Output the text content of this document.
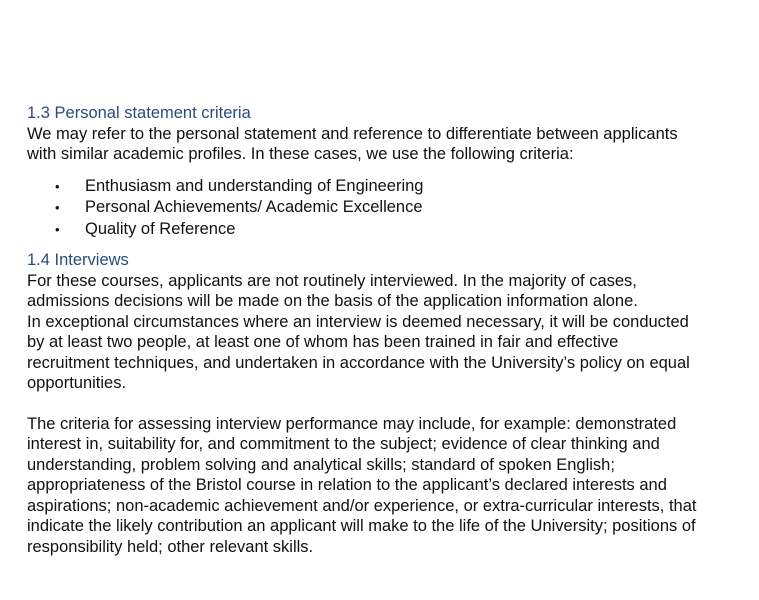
1.3 Personal statement criteria

We may refer to the personal statement and reference to differentiate between applicants
with similar academic profiles. In these cases, we use the following criteria:

•	Enthusiasm and understanding of Engineering
•	Personal Achievements/ Academic Excellence
•	Quality of Reference
1.4 Interviews

For these courses, applicants are not routinely interviewed. In the majority of cases,
admissions decisions will be made on the basis of the application information alone.
In exceptional circumstances where an interview is deemed necessary, it will be conducted
by at least two people, at least one of whom has been trained in fair and effective
recruitment techniques, and undertaken in accordance with the University’s policy on equal
opportunities.

The criteria for assessing interview performance may include, for example: demonstrated
interest in, suitability for, and commitment to the subject; evidence of clear thinking and
understanding, problem solving and analytical skills; standard of spoken English;
appropriateness of the Bristol course in relation to the applicant’s declared interests and
aspirations; non-academic achievement and/or experience, or extra-curricular interests, that
indicate the likely contribution an applicant will make to the life of the University; positions of
responsibility held; other relevant skills.
